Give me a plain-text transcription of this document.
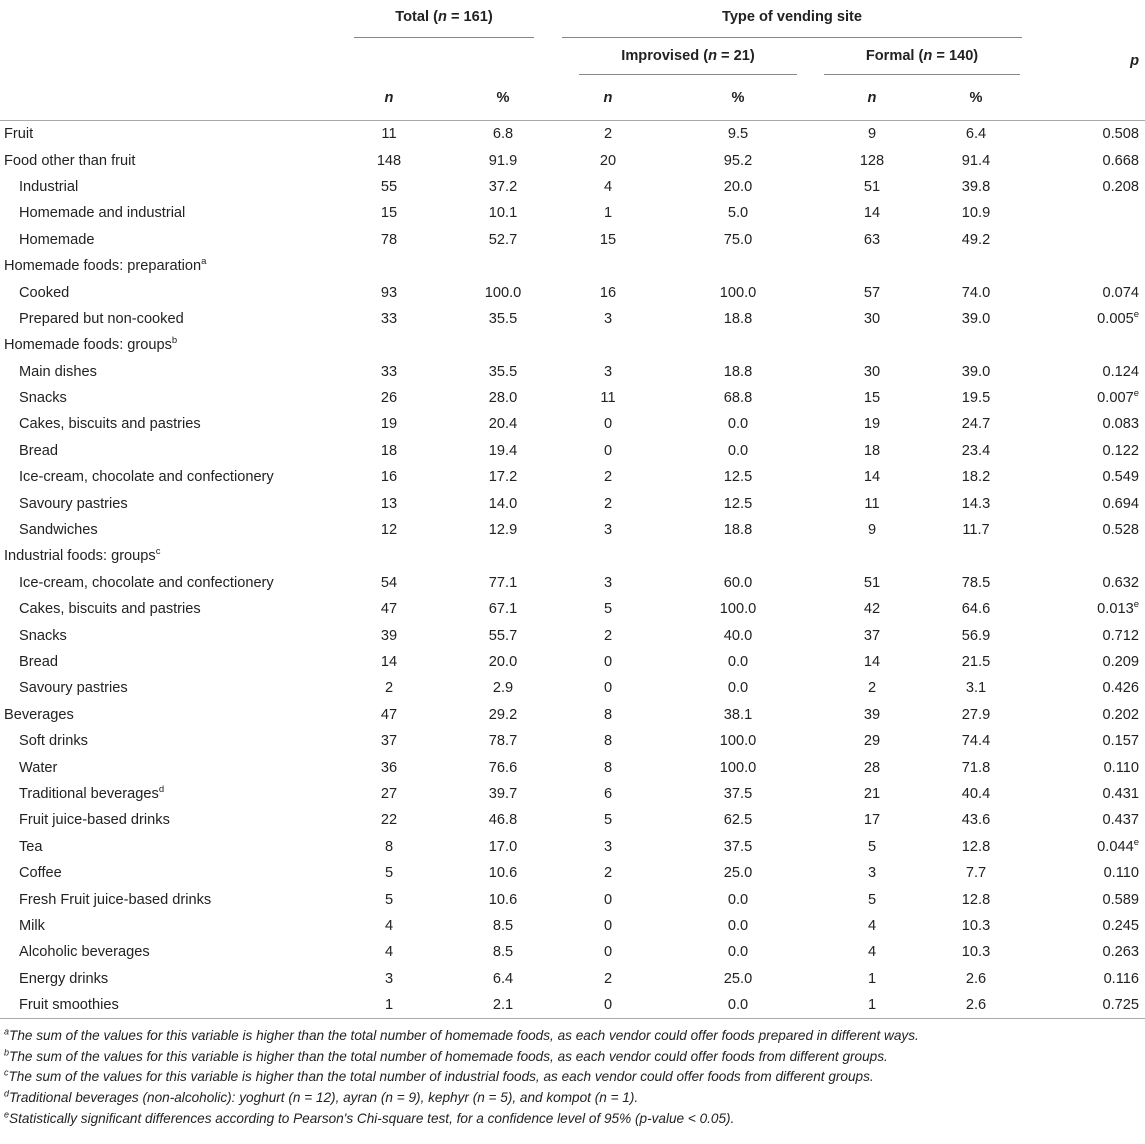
	Total (n = 161)		Type of vending site				

			Improvised (n = 21)		Formal (n = 140)		p
	n	%	n	%	n	%	
Fruit	11	6.8	2	9.5	9	6.4	0.508
Food other than fruit	148	91.9	20	95.2	128	91.4	0.668
Industrial	55	37.2	4	20.0	51	39.8	0.208
Homemade and industrial	15	10.1	1	5.0	14	10.9	
Homemade	78	52.7	15	75.0	63	49.2	
Homemade foods: preparation$^a$							
Cooked	93	100.0	16	100.0	57	74.0	0.074
Prepared but non-cooked	33	35.5	3	18.8	30	39.0	0.005e
Homemade foods: groups$^b$							
Main dishes	33	35.5	3	18.8	30	39.0	0.124
Snacks	26	28.0	11	68.8	15	19.5	0.007e
Cakes, biscuits and pastries	19	20.4	0	0.0	19	24.7	0.083
Bread	18	19.4	0	0.0	18	23.4	0.122
Ice-cream, chocolate and confectionery	16	17.2	2	12.5	14	18.2	0.549
Savoury pastries	13	14.0	2	12.5	11	14.3	0.694
Sandwiches	12	12.9	3	18.8	9	11.7	0.528
Industrial foods: groups$^c$							
Ice-cream, chocolate and confectionery	54	77.1	3	60.0	51	78.5	0.632
Cakes, biscuits and pastries	47	67.1	5	100.0	42	64.6	0.013e
Snacks	39	55.7	2	40.0	37	56.9	0.712
Bread	14	20.0	0	0.0	14	21.5	0.209
Savoury pastries	2	2.9	0	0.0	2	3.1	0.426
Beverages	47	29.2	8	38.1	39	27.9	0.202
Soft drinks	37	78.7	8	100.0	29	74.4	0.157
Water	36	76.6	8	100.0	28	71.8	0.110
Traditional beverages$^d$	27	39.7	6	37.5	21	40.4	0.431
Fruit juice-based drinks	22	46.8	5	62.5	17	43.6	0.437
Tea	8	17.0	3	37.5	5	12.8	0.044e
Coffee	5	10.6	2	25.0	3	7.7	0.110
Fresh Fruit juice-based drinks	5	10.6	0	0.0	5	12.8	0.589
Milk	4	8.5	0	0.0	4	10.3	0.245
Alcoholic beverages	4	8.5	0	0.0	4	10.3	0.263
Energy drinks	3	6.4	2	25.0	1	2.6	0.116
Fruit smoothies	1	2.1	0	0.0	1	2.6	0.725
$^a$The sum of the values for this variable is higher than the total number of homemade foods, as each vendor could offer foods prepared in different ways.
$^b$The sum of the values for this variable is higher than the total number of homemade foods, as each vendor could offer foods from different groups.
$^c$The sum of the values for this variable is higher than the total number of industrial foods, as each vendor could offer foods from different groups.
$^d$Traditional beverages (non-alcoholic): yoghurt (n = 12), ayran (n = 9), kephyr (n = 5), and kompot (n = 1).
$^e$Statistically significant differences according to Pearson's Chi-square test, for a confidence level of 95% (p-value < 0.05).
